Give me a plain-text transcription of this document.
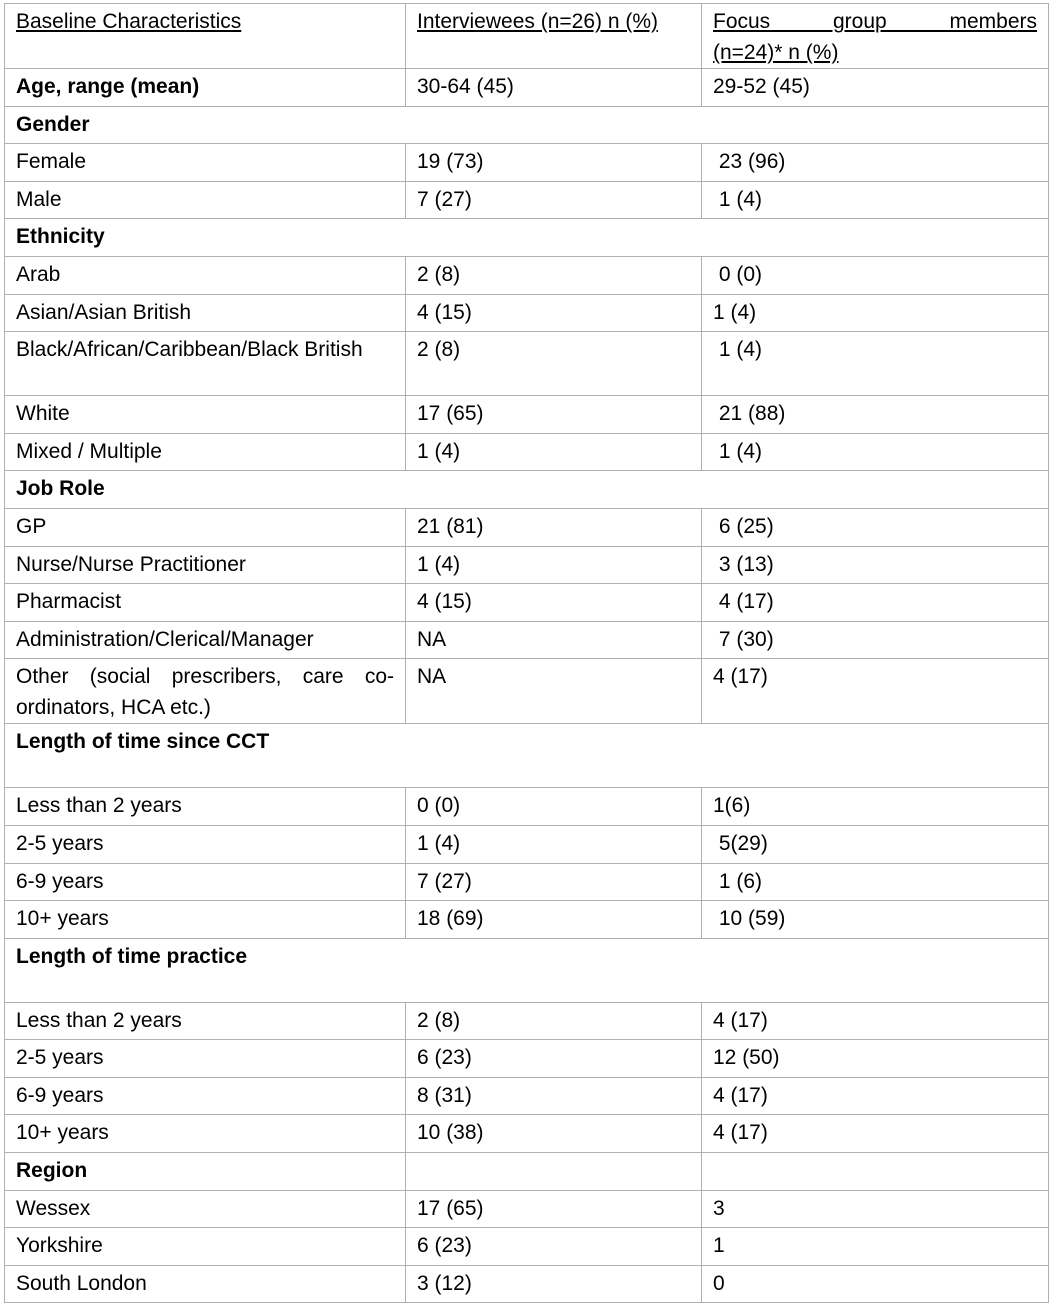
Baseline Characteristics	Interviewees (n=26) n (%)	Focus group members
(n=24)* n (%)

Age, range (mean)	30-64 (45)	29-52 (45)
Gender		
Female	19 (73)	23 (96)
Male	7 (27)	1 (4)
Ethnicity		
Arab	2 (8)	0 (0)
Asian/Asian British	4 (15)	1 (4)
Black/African/Caribbean/Black British	2 (8)	1 (4)
White	17 (65)	21 (88)
Mixed / Multiple	1 (4)	1 (4)
Job Role		
GP	21 (81)	6 (25)
Nurse/Nurse Practitioner	1 (4)	3 (13)
Pharmacist	4 (15)	4 (17)
Administration/Clerical/Manager	NA	7 (30)
Other (social prescribers, care co-ordinators, HCA etc.)	NA	4 (17)
Length of time since CCT		
Less than 2 years	0 (0)	1(6)
2-5 years	1 (4)	5(29)
6-9 years	7 (27)	1 (6)
10+ years	18 (69)	10 (59)
Length of time practice		
Less than 2 years	2 (8)	4 (17)
2-5 years	6 (23)	12 (50)
6-9 years	8 (31)	4 (17)
10+ years	10 (38)	4 (17)
Region		
Wessex	17 (65)	3
Yorkshire	6 (23)	1
South London	3 (12)	0
